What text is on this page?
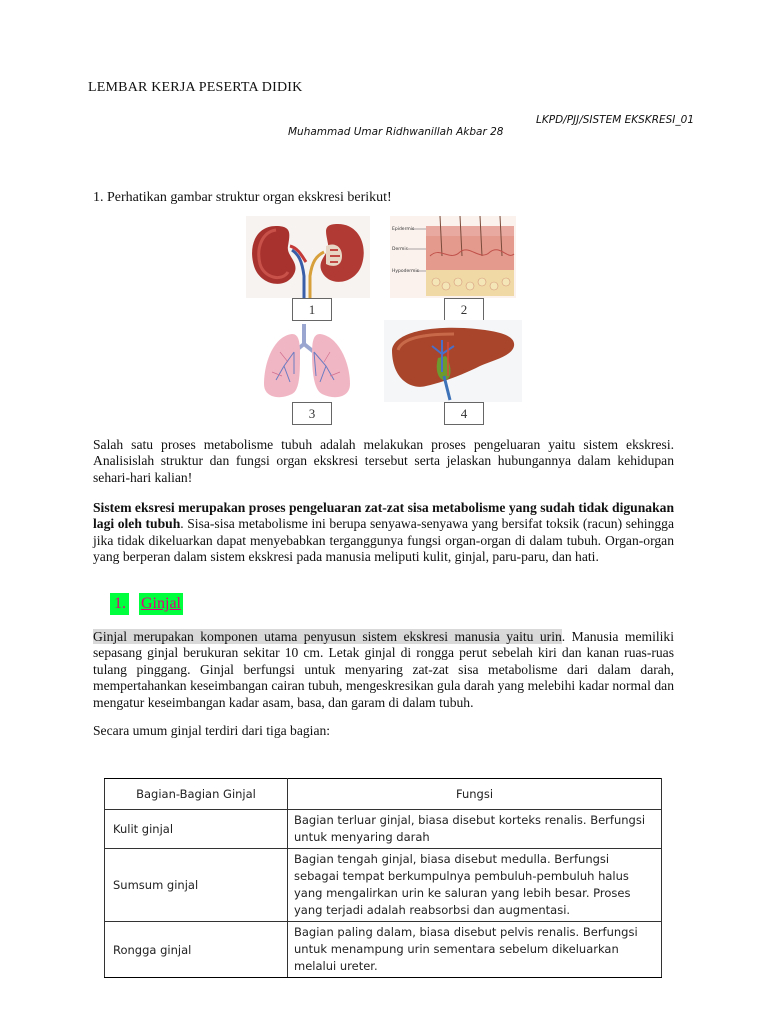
LEMBAR KERJA PESERTA DIDIK
LKPD/PJJ/SISTEM EKSKRESI_01
Muhammad Umar Ridhwanillah Akbar 28
1. Perhatikan gambar struktur organ ekskresi berikut!
1
Epidermis
Dermis
Hypodermis
2
3	4
Salah satu proses metabolisme tubuh adalah melakukan proses pengeluaran yaitu sistem ekskresi. Analisislah struktur dan fungsi organ ekskresi tersebut serta jelaskan hubungannya dalam kehidupan sehari-hari kalian!
Sistem eksresi merupakan proses pengeluaran zat-zat sisa metabolisme yang sudah tidak digunakan lagi oleh tubuh. Sisa-sisa metabolisme ini berupa senyawa-senyawa yang bersifat toksik (racun) sehingga jika tidak dikeluarkan dapat menyebabkan terganggunya fungsi organ-organ di dalam tubuh. Organ-organ yang berperan dalam sistem ekskresi pada manusia meliputi kulit, ginjal, paru-paru, dan hati.
1. Ginjal
Ginjal merupakan komponen utama penyusun sistem ekskresi manusia yaitu urin. Manusia memiliki sepasang ginjal berukuran sekitar 10 cm. Letak ginjal di rongga perut sebelah kiri dan kanan ruas-ruas tulang pinggang. Ginjal berfungsi untuk menyaring zat-zat sisa metabolisme dari dalam darah, mempertahankan keseimbangan cairan tubuh, mengeskresikan gula darah yang melebihi kadar normal dan mengatur keseimbangan kadar asam, basa, dan garam di dalam tubuh.
Secara umum ginjal terdiri dari tiga bagian:
Bagian-Bagian Ginjal	Fungsi
Kulit ginjal	Bagian terluar ginjal, biasa disebut korteks renalis. Berfungsi untuk menyaring darah
Sumsum ginjal	Bagian tengah ginjal, biasa disebut medulla. Berfungsi sebagai tempat berkumpulnya pembuluh-pembuluh halus yang mengalirkan urin ke saluran yang lebih besar. Proses yang terjadi adalah reabsorbsi dan augmentasi.
Rongga ginjal	Bagian paling dalam, biasa disebut pelvis renalis. Berfungsi untuk menampung urin sementara sebelum dikeluarkan melalui ureter.
